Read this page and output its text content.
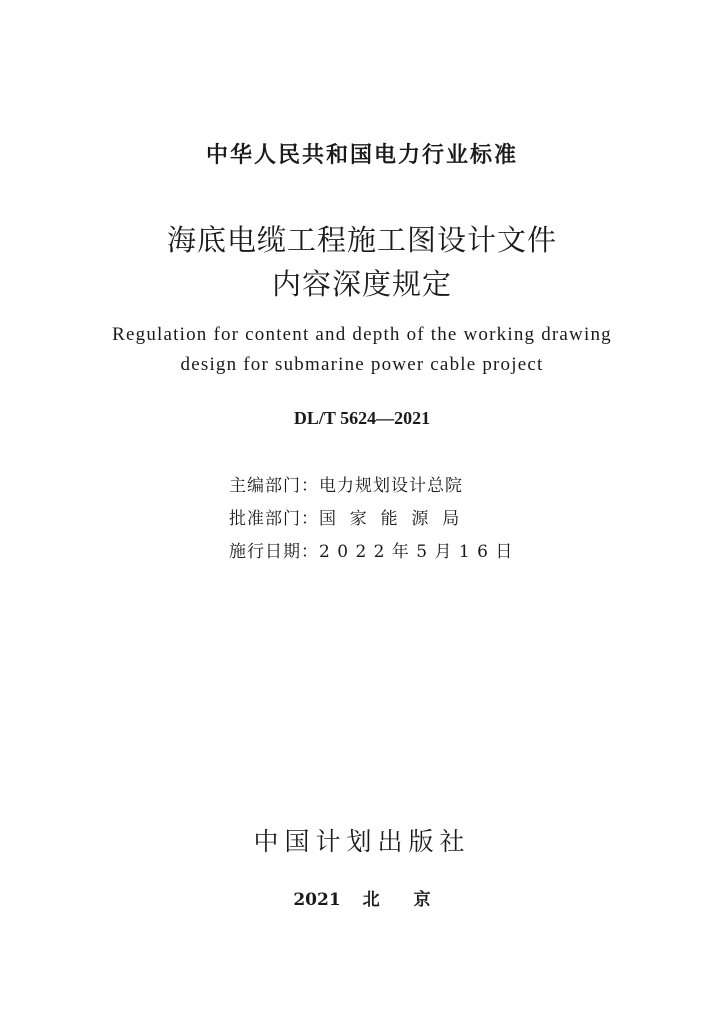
中华人民共和国电力行业标准
海底电缆工程施工图设计文件
内容深度规定
Regulation for content and depth of the working drawing
design for submarine power cable project
DL/T 5624—2021
主编部门：电力规划设计总院
批准部门：国  家  能  源  局
施行日期：2 0 2 2 年 5 月 1 6 日
中国计划出版社
2021 北　　京
